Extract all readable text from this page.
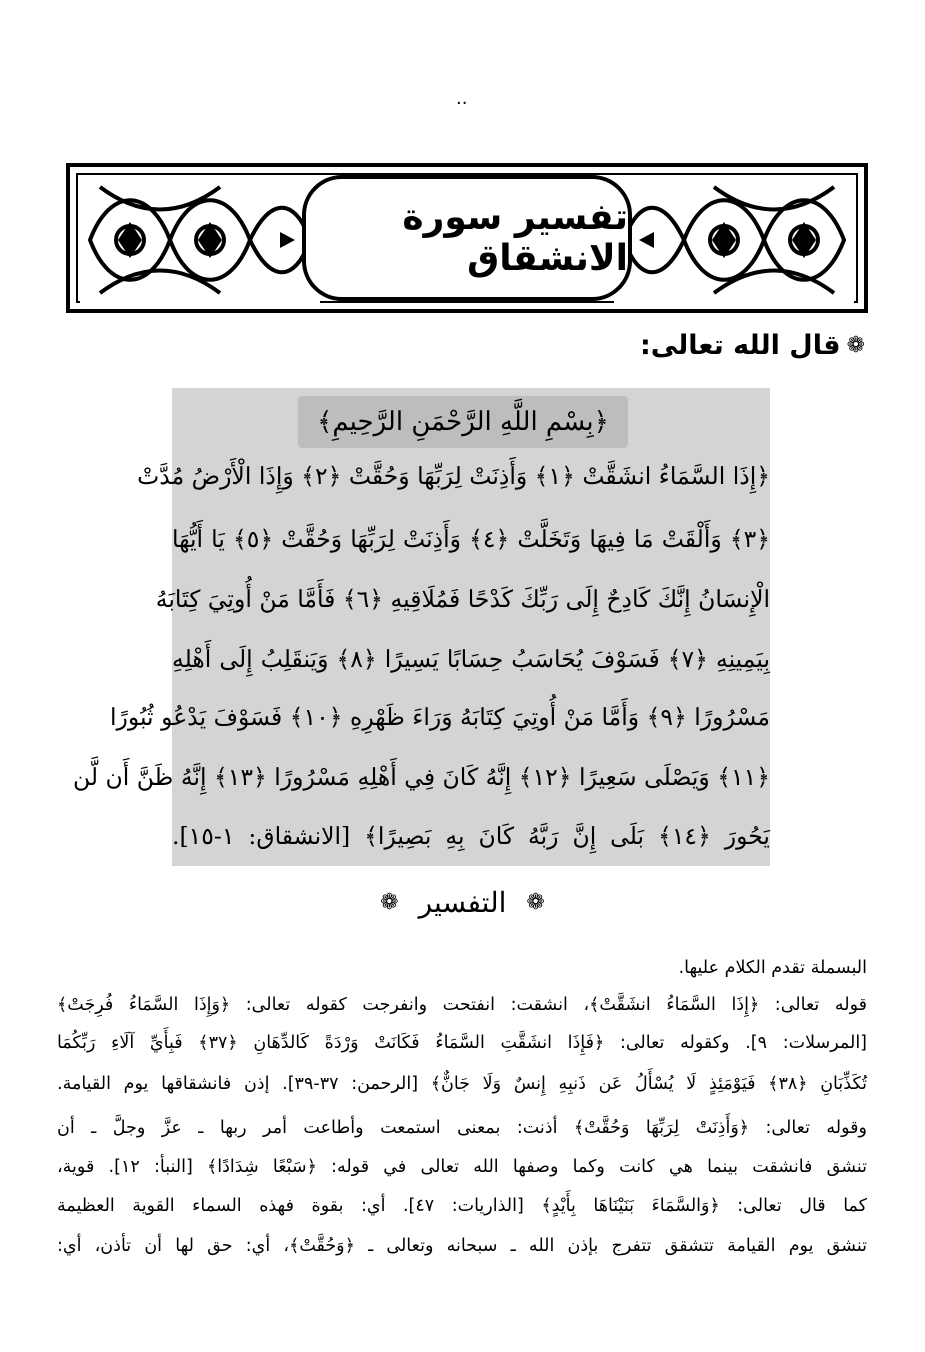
..
تفسير سورة الانشقاق
❁
قال الله تعالى:
﴿بِسْمِ اللَّهِ الرَّحْمَنِ الرَّحِيمِ﴾
﴿إِذَا السَّمَاءُ انشَقَّتْ ﴿١﴾ وَأَذِنَتْ لِرَبِّهَا وَحُقَّتْ ﴿٢﴾ وَإِذَا الْأَرْضُ مُدَّتْ
﴿٣﴾ وَأَلْقَتْ مَا فِيهَا وَتَخَلَّتْ ﴿٤﴾ وَأَذِنَتْ لِرَبِّهَا وَحُقَّتْ ﴿٥﴾ يَا أَيُّهَا
الْإِنسَانُ إِنَّكَ كَادِحٌ إِلَى رَبِّكَ كَدْحًا فَمُلَاقِيهِ ﴿٦﴾ فَأَمَّا مَنْ أُوتِيَ كِتَابَهُ
بِيَمِينِهِ ﴿٧﴾ فَسَوْفَ يُحَاسَبُ حِسَابًا يَسِيرًا ﴿٨﴾ وَيَنقَلِبُ إِلَى أَهْلِهِ
مَسْرُورًا ﴿٩﴾ وَأَمَّا مَنْ أُوتِيَ كِتَابَهُ وَرَاءَ ظَهْرِهِ ﴿١٠﴾ فَسَوْفَ يَدْعُو ثُبُورًا
﴿١١﴾ وَيَصْلَى سَعِيرًا ﴿١٢﴾ إِنَّهُ كَانَ فِي أَهْلِهِ مَسْرُورًا ﴿١٣﴾ إِنَّهُ ظَنَّ أَن لَّن
يَحُورَ ﴿١٤﴾ بَلَى إِنَّ رَبَّهُ كَانَ بِهِ بَصِيرًا﴾ [الانشقاق: ١-١٥].
❁
التفسير
❁
البسملة تقدم الكلام عليها.
قوله تعالى: ﴿إِذَا السَّمَاءُ انشَقَّتْ﴾، انشقت: انفتحت وانفرجت كقوله تعالى: ﴿وَإِذَا السَّمَاءُ فُرِجَتْ﴾
[المرسلات: ٩]. وكقوله تعالى: ﴿فَإِذَا انشَقَّتِ السَّمَاءُ فَكَانَتْ وَرْدَةً كَالدِّهَانِ ﴿٣٧﴾ فَبِأَيِّ آلَاءِ رَبِّكُمَا
تُكَذِّبَانِ ﴿٣٨﴾ فَيَوْمَئِذٍ لَا يُسْأَلُ عَن ذَنبِهِ إِنسٌ وَلَا جَانٌّ﴾ [الرحمن: ٣٧-٣٩]. إذن فانشقاقها يوم القيامة.
وقوله تعالى: ﴿وَأَذِنَتْ لِرَبِّهَا وَحُقَّتْ﴾ أذنت: بمعنى استمعت وأطاعت أمر ربها ـ عزَّ وجلَّ ـ أن
تنشق فانشقت بينما هي كانت وكما وصفها الله تعالى في قوله: ﴿سَبْعًا شِدَادًا﴾ [النبأ: ١٢]. قوية،
كما قال تعالى: ﴿وَالسَّمَاءَ بَنَيْنَاهَا بِأَيْدٍ﴾ [الذاريات: ٤٧]. أي: بقوة فهذه السماء القوية العظيمة
تنشق يوم القيامة تتشقق تتفرج بإذن الله ـ سبحانه وتعالى ـ ﴿وَحُقَّتْ﴾، أي: حق لها أن تأذن، أي:
